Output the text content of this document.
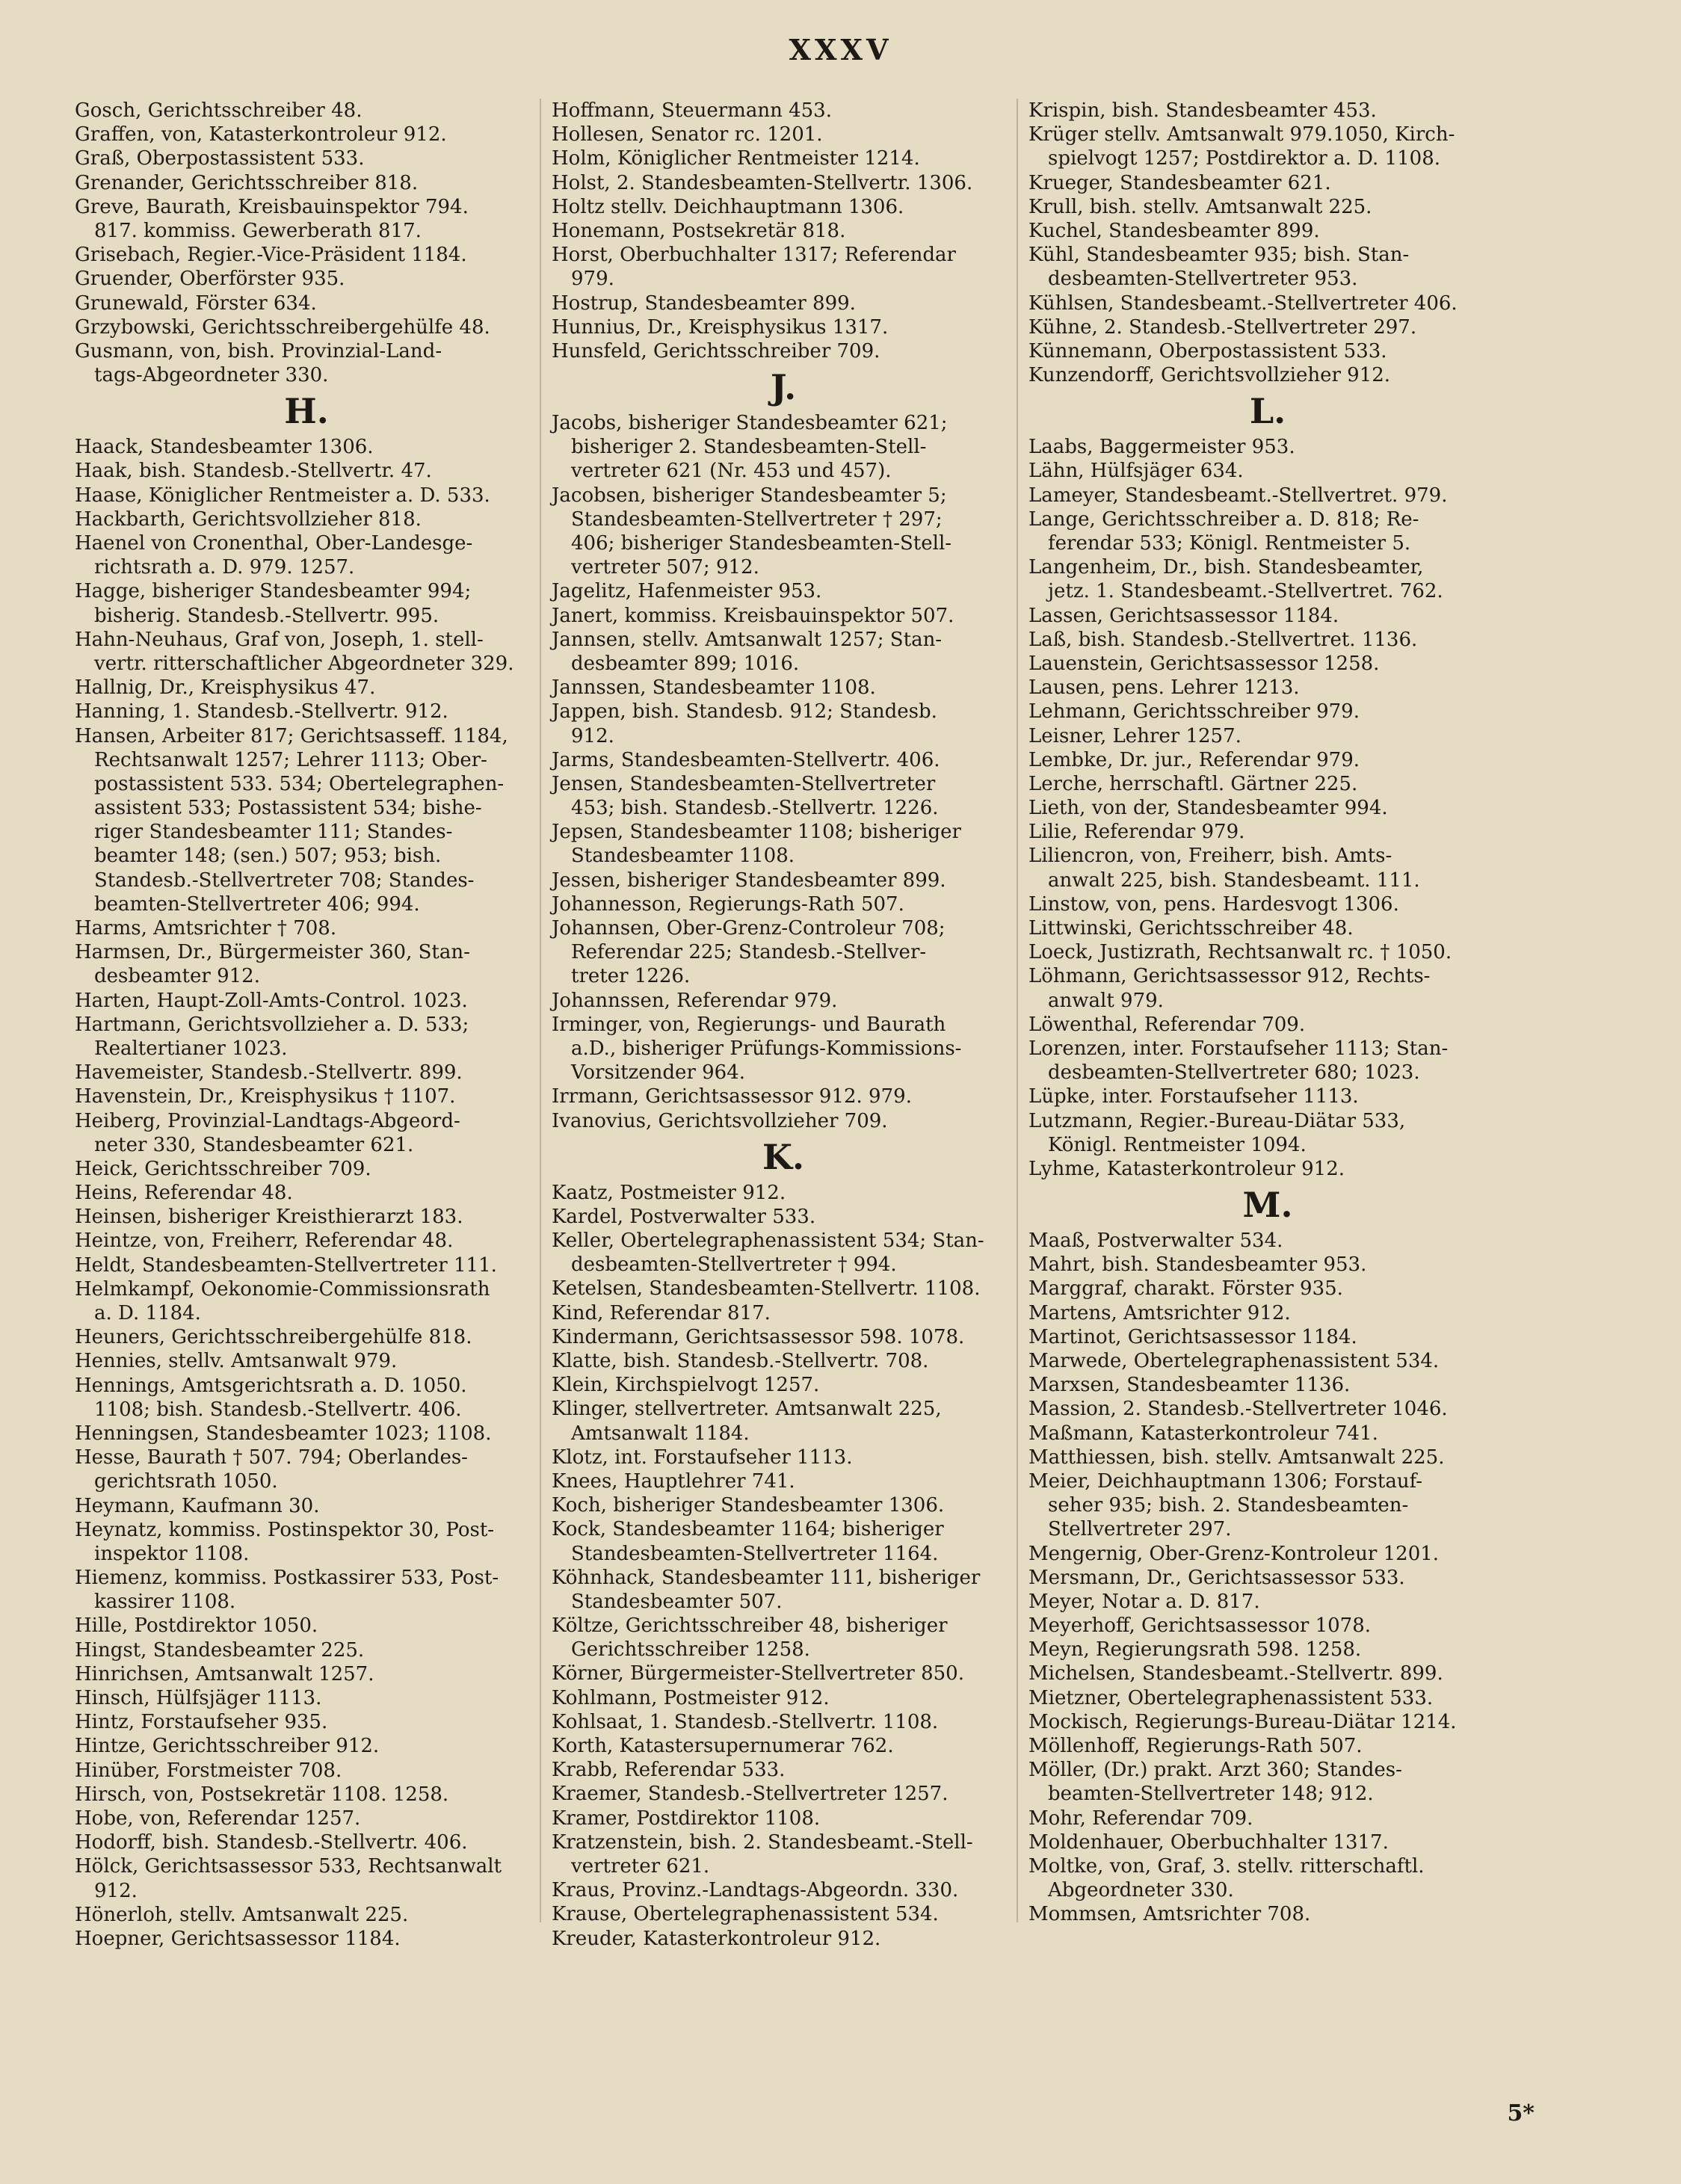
XXXV
Gosch, Gerichtsschreiber 48.
Graffen, von, Katasterkontroleur 912.
Graß, Oberpostassistent 533.
Grenander, Gerichtsschreiber 818.
Greve, Baurath, Kreisbauinspektor 794.
817. kommiss. Gewerberath 817.
Grisebach, Regier.-Vice-Präsident 1184.
Gruender, Oberförster 935.
Grunewald, Förster 634.
Grzybowski, Gerichtsschreibergehülfe 48.
Gusmann, von, bish. Provinzial-Land-
tags-Abgeordneter 330.
H.
Haack, Standesbeamter 1306.
Haak, bish. Standesb.-Stellvertr. 47.
Haase, Königlicher Rentmeister a. D. 533.
Hackbarth, Gerichtsvollzieher 818.
Haenel von Cronenthal, Ober-Landesge-
richtsrath a. D. 979. 1257.
Hagge, bisheriger Standesbeamter 994;
bisherig. Standesb.-Stellvertr. 995.
Hahn-Neuhaus, Graf von, Joseph, 1. stell-
vertr. ritterschaftlicher Abgeordneter 329.
Hallnig, Dr., Kreisphysikus 47.
Hanning, 1. Standesb.-Stellvertr. 912.
Hansen, Arbeiter 817; Gerichtsasseff. 1184,
Rechtsanwalt 1257; Lehrer 1113; Ober-
postassistent 533. 534; Obertelegraphen-
assistent 533; Postassistent 534; bishe-
riger Standesbeamter 111; Standes-
beamter 148; (sen.) 507; 953; bish.
Standesb.-Stellvertreter 708; Standes-
beamten-Stellvertreter 406; 994.
Harms, Amtsrichter † 708.
Harmsen, Dr., Bürgermeister 360, Stan-
desbeamter 912.
Harten, Haupt-Zoll-Amts-Control. 1023.
Hartmann, Gerichtsvollzieher a. D. 533;
Realtertianer 1023.
Havemeister, Standesb.-Stellvertr. 899.
Havenstein, Dr., Kreisphysikus † 1107.
Heiberg, Provinzial-Landtags-Abgeord-
neter 330, Standesbeamter 621.
Heick, Gerichtsschreiber 709.
Heins, Referendar 48.
Heinsen, bisheriger Kreisthierarzt 183.
Heintze, von, Freiherr, Referendar 48.
Heldt, Standesbeamten-Stellvertreter 111.
Helmkampf, Oekonomie-Commissionsrath
a. D. 1184.
Heuners, Gerichtsschreibergehülfe 818.
Hennies, stellv. Amtsanwalt 979.
Hennings, Amtsgerichtsrath a. D. 1050.
1108; bish. Standesb.-Stellvertr. 406.
Henningsen, Standesbeamter 1023; 1108.
Hesse, Baurath † 507. 794; Oberlandes-
gerichtsrath 1050.
Heymann, Kaufmann 30.
Heynatz, kommiss. Postinspektor 30, Post-
inspektor 1108.
Hiemenz, kommiss. Postkassirer 533, Post-
kassirer 1108.
Hille, Postdirektor 1050.
Hingst, Standesbeamter 225.
Hinrichsen, Amtsanwalt 1257.
Hinsch, Hülfsjäger 1113.
Hintz, Forstaufseher 935.
Hintze, Gerichtsschreiber 912.
Hinüber, Forstmeister 708.
Hirsch, von, Postsekretär 1108. 1258.
Hobe, von, Referendar 1257.
Hodorff, bish. Standesb.-Stellvertr. 406.
Hölck, Gerichtsassessor 533, Rechtsanwalt
912.
Hönerloh, stellv. Amtsanwalt 225.
Hoepner, Gerichtsassessor 1184.
Hoffmann, Steuermann 453.
Hollesen, Senator rc. 1201.
Holm, Königlicher Rentmeister 1214.
Holst, 2. Standesbeamten-Stellvertr. 1306.
Holtz stellv. Deichhauptmann 1306.
Honemann, Postsekretär 818.
Horst, Oberbuchhalter 1317; Referendar
979.
Hostrup, Standesbeamter 899.
Hunnius, Dr., Kreisphysikus 1317.
Hunsfeld, Gerichtsschreiber 709.
J.
Jacobs, bisheriger Standesbeamter 621;
bisheriger 2. Standesbeamten-Stell-
vertreter 621 (Nr. 453 und 457).
Jacobsen, bisheriger Standesbeamter 5;
Standesbeamten-Stellvertreter † 297;
406; bisheriger Standesbeamten-Stell-
vertreter 507; 912.
Jagelitz, Hafenmeister 953.
Janert, kommiss. Kreisbauinspektor 507.
Jannsen, stellv. Amtsanwalt 1257; Stan-
desbeamter 899; 1016.
Jannssen, Standesbeamter 1108.
Jappen, bish. Standesb. 912; Standesb.
912.
Jarms, Standesbeamten-Stellvertr. 406.
Jensen, Standesbeamten-Stellvertreter
453; bish. Standesb.-Stellvertr. 1226.
Jepsen, Standesbeamter 1108; bisheriger
Standesbeamter 1108.
Jessen, bisheriger Standesbeamter 899.
Johannesson, Regierungs-Rath 507.
Johannsen, Ober-Grenz-Controleur 708;
Referendar 225; Standesb.-Stellver-
treter 1226.
Johannssen, Referendar 979.
Irminger, von, Regierungs- und Baurath
a.D., bisheriger Prüfungs-Kommissions-
Vorsitzender 964.
Irrmann, Gerichtsassessor 912. 979.
Ivanovius, Gerichtsvollzieher 709.
K.
Kaatz, Postmeister 912.
Kardel, Postverwalter 533.
Keller, Obertelegraphenassistent 534; Stan-
desbeamten-Stellvertreter † 994.
Ketelsen, Standesbeamten-Stellvertr. 1108.
Kind, Referendar 817.
Kindermann, Gerichtsassessor 598. 1078.
Klatte, bish. Standesb.-Stellvertr. 708.
Klein, Kirchspielvogt 1257.
Klinger, stellvertreter. Amtsanwalt 225,
Amtsanwalt 1184.
Klotz, int. Forstaufseher 1113.
Knees, Hauptlehrer 741.
Koch, bisheriger Standesbeamter 1306.
Kock, Standesbeamter 1164; bisheriger
Standesbeamten-Stellvertreter 1164.
Köhnhack, Standesbeamter 111, bisheriger
Standesbeamter 507.
Költze, Gerichtsschreiber 48, bisheriger
Gerichtsschreiber 1258.
Körner, Bürgermeister-Stellvertreter 850.
Kohlmann, Postmeister 912.
Kohlsaat, 1. Standesb.-Stellvertr. 1108.
Korth, Katastersupernumerar 762.
Krabb, Referendar 533.
Kraemer, Standesb.-Stellvertreter 1257.
Kramer, Postdirektor 1108.
Kratzenstein, bish. 2. Standesbeamt.-Stell-
vertreter 621.
Kraus, Provinz.-Landtags-Abgeordn. 330.
Krause, Obertelegraphenassistent 534.
Kreuder, Katasterkontroleur 912.
Krispin, bish. Standesbeamter 453.
Krüger stellv. Amtsanwalt 979.1050, Kirch-
spielvogt 1257; Postdirektor a. D. 1108.
Krueger, Standesbeamter 621.
Krull, bish. stellv. Amtsanwalt 225.
Kuchel, Standesbeamter 899.
Kühl, Standesbeamter 935; bish. Stan-
desbeamten-Stellvertreter 953.
Kühlsen, Standesbeamt.-Stellvertreter 406.
Kühne, 2. Standesb.-Stellvertreter 297.
Künnemann, Oberpostassistent 533.
Kunzendorff, Gerichtsvollzieher 912.
L.
Laabs, Baggermeister 953.
Lähn, Hülfsjäger 634.
Lameyer, Standesbeamt.-Stellvertret. 979.
Lange, Gerichtsschreiber a. D. 818; Re-
ferendar 533; Königl. Rentmeister 5.
Langenheim, Dr., bish. Standesbeamter,
jetz. 1. Standesbeamt.-Stellvertret. 762.
Lassen, Gerichtsassessor 1184.
Laß, bish. Standesb.-Stellvertret. 1136.
Lauenstein, Gerichtsassessor 1258.
Lausen, pens. Lehrer 1213.
Lehmann, Gerichtsschreiber 979.
Leisner, Lehrer 1257.
Lembke, Dr. jur., Referendar 979.
Lerche, herrschaftl. Gärtner 225.
Lieth, von der, Standesbeamter 994.
Lilie, Referendar 979.
Liliencron, von, Freiherr, bish. Amts-
anwalt 225, bish. Standesbeamt. 111.
Linstow, von, pens. Hardesvogt 1306.
Littwinski, Gerichtsschreiber 48.
Loeck, Justizrath, Rechtsanwalt rc. † 1050.
Löhmann, Gerichtsassessor 912, Rechts-
anwalt 979.
Löwenthal, Referendar 709.
Lorenzen, inter. Forstaufseher 1113; Stan-
desbeamten-Stellvertreter 680; 1023.
Lüpke, inter. Forstaufseher 1113.
Lutzmann, Regier.-Bureau-Diätar 533,
Königl. Rentmeister 1094.
Lyhme, Katasterkontroleur 912.
M.
Maaß, Postverwalter 534.
Mahrt, bish. Standesbeamter 953.
Marggraf, charakt. Förster 935.
Martens, Amtsrichter 912.
Martinot, Gerichtsassessor 1184.
Marwede, Obertelegraphenassistent 534.
Marxsen, Standesbeamter 1136.
Massion, 2. Standesb.-Stellvertreter 1046.
Maßmann, Katasterkontroleur 741.
Matthiessen, bish. stellv. Amtsanwalt 225.
Meier, Deichhauptmann 1306; Forstauf-
seher 935; bish. 2. Standesbeamten-
Stellvertreter 297.
Mengernig, Ober-Grenz-Kontroleur 1201.
Mersmann, Dr., Gerichtsassessor 533.
Meyer, Notar a. D. 817.
Meyerhoff, Gerichtsassessor 1078.
Meyn, Regierungsrath 598. 1258.
Michelsen, Standesbeamt.-Stellvertr. 899.
Mietzner, Obertelegraphenassistent 533.
Mockisch, Regierungs-Bureau-Diätar 1214.
Möllenhoff, Regierungs-Rath 507.
Möller, (Dr.) prakt. Arzt 360; Standes-
beamten-Stellvertreter 148; 912.
Mohr, Referendar 709.
Moldenhauer, Oberbuchhalter 1317.
Moltke, von, Graf, 3. stellv. ritterschaftl.
Abgeordneter 330.
Mommsen, Amtsrichter 708.
5*
